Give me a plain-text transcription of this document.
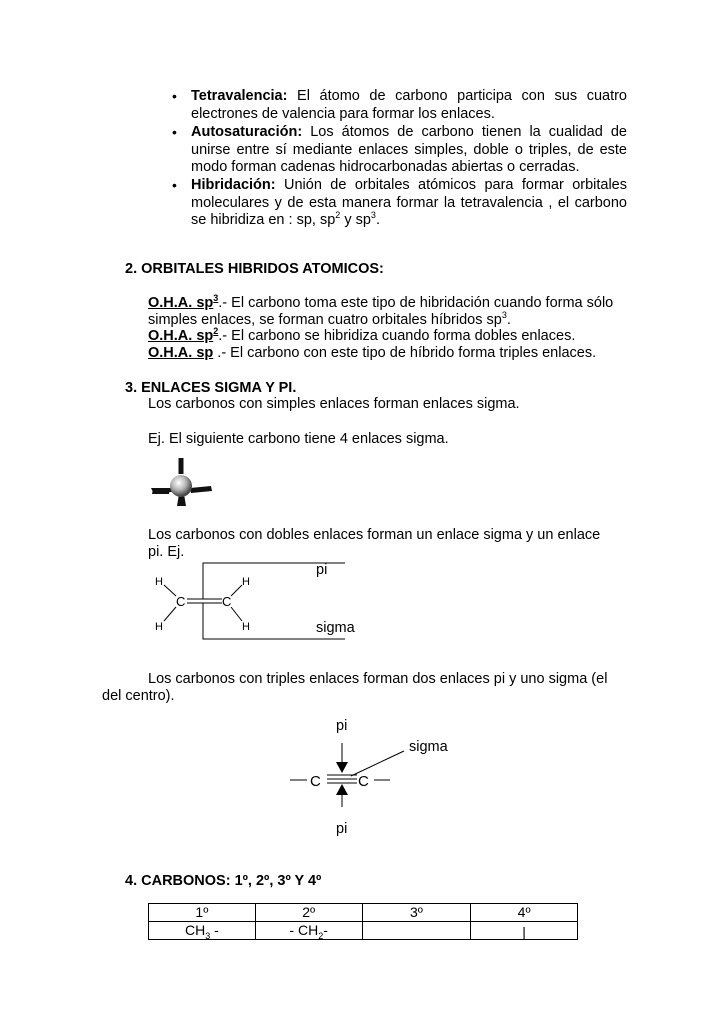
• Tetravalencia: El átomo de carbono participa con sus cuatro electrones de valencia para formar los enlaces.
• Autosaturación: Los átomos de carbono tienen la cualidad de unirse entre sí mediante enlaces simples, doble o triples, de este modo forman cadenas hidrocarbonadas abiertas o cerradas.
• Hibridación: Unión de orbitales atómicos para formar orbitales moleculares y de esta manera formar la tetravalencia , el carbono se hibridiza en : sp, $sp^2$ y $sp^3$.
2. ORBITALES HIBRIDOS ATOMICOS:
O.H.A. $sp^3.-$ El carbono toma este tipo de hibridación cuando forma sólo
simples enlaces, se forman cuatro orbitales híbridos $sp^3$.
O.H.A. $sp^2.-$ El carbono se hibridiza cuando forma dobles enlaces.
O.H.A. sp .- El carbono con este tipo de híbrido forma triples enlaces.
3. ENLACES SIGMA Y PI.
Los carbonos con simples enlaces forman enlaces sigma.
Ej. El siguiente carbono tiene 4 enlaces sigma.
Los carbonos con dobles enlaces forman un enlace sigma y un enlace
pi. Ej.
H	H
C	C
H	H
pi
sigma
Los carbonos con triples enlaces forman dos enlaces pi y uno sigma (el
del centro).
pi
sigma
pi
C C
4. CARBONOS: 1º, 2º, 3º Y 4º
1º	2º	3º	4º
$CH_3$ -	- $CH_2-$		|
